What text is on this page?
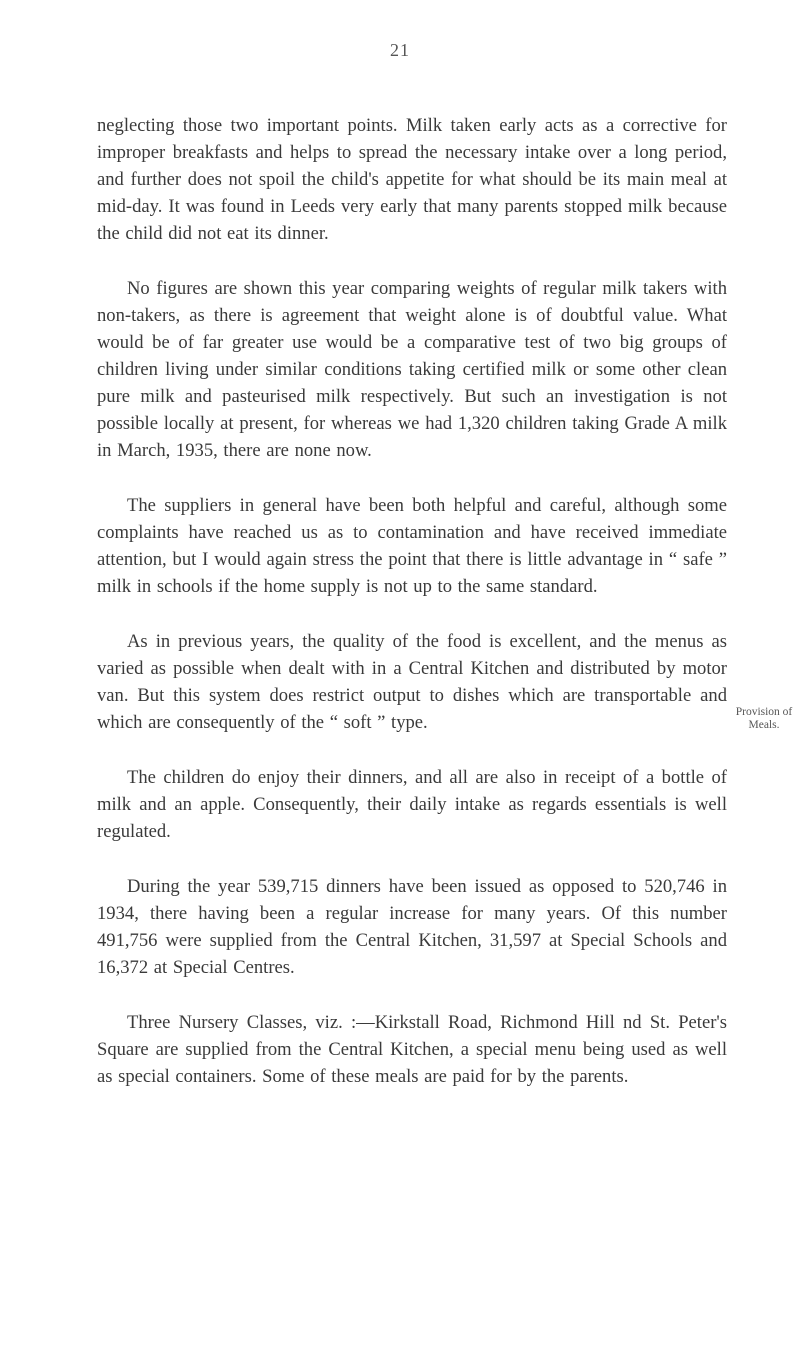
21

neglecting those two important points. Milk taken early acts as a corrective for improper breakfasts and helps to spread the necessary intake over a long period, and further does not spoil the child's appetite for what should be its main meal at mid-day. It was found in Leeds very early that many parents stopped milk because the child did not eat its dinner.

No figures are shown this year comparing weights of regular milk takers with non-takers, as there is agreement that weight alone is of doubtful value. What would be of far greater use would be a comparative test of two big groups of children living under similar conditions taking certified milk or some other clean pure milk and pasteurised milk respectively. But such an investigation is not possible locally at present, for whereas we had 1,320 children taking Grade A milk in March, 1935, there are none now.

The suppliers in general have been both helpful and careful, although some complaints have reached us as to contamination and have received immediate attention, but I would again stress the point that there is little advantage in “ safe ” milk in schools if the home supply is not up to the same standard.

As in previous years, the quality of the food is excellent, and the menus as varied as possible when dealt with in a Central Kitchen and distributed by motor van. But this system does restrict output to dishes which are transportable and which are consequently of the “ soft ” type.

The children do enjoy their dinners, and all are also in receipt of a bottle of milk and an apple. Consequently, their daily intake as regards essentials is well regulated.

During the year 539,715 dinners have been issued as opposed to 520,746 in 1934, there having been a regular increase for many years. Of this number 491,756 were supplied from the Central Kitchen, 31,597 at Special Schools and 16,372 at Special Centres.

Three Nursery Classes, viz. :—Kirkstall Road, Richmond Hill nd St. Peter's Square are supplied from the Central Kitchen, a special menu being used as well as special containers. Some of these meals are paid for by the parents.

Provision of Meals.
